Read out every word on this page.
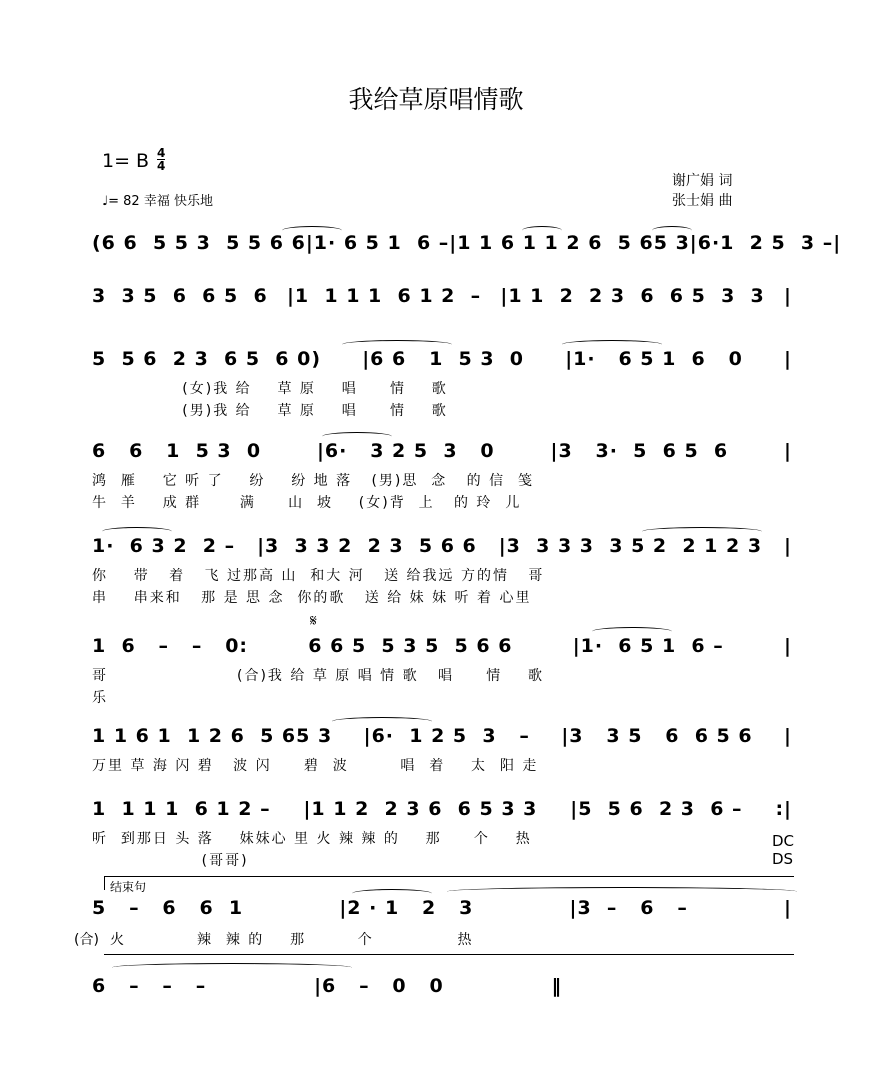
我给草原唱情歌
1= B 4
4
♩= 82 幸福 快乐地
谢广娟 词
张士娟 曲
(6 6  5 5 3  5 5 6 6 |1· 6 5 1  6 – |1 1 6 1 1 2 6  5 65 3 |6·1  2 5  3 – |
3  3 5  6  6 5  6 |1  1 1 1  6 1 2  – |1 1  2  2 3  6  6 5  3  3 |
5  5 6  2 3  6 5  6 0) |6 6   1  5 3  0 |1·   6 5 1  6   0 |
(女)我 给    草 原    唱     情    歌
(男)我 给    草 原    唱     情    歌
6   6   1  5 3  0	|6·   3 2 5  3   0	|3   3·  5  6 5  6	|
鸿  雁    它 听 了    纷    纷 地 落   (男)思  念   的 信  笺
牛  羊    成 群      满     山  坡    (女)背  上   的 玲  儿
1·  6 3 2  2 – |3  3 3 2  2 3  5 6 6 |3  3 3 3  3 5 2  2 1 2 3 |
你    带   着   飞 过那高 山  和大 河   送 给我远 方的情   哥
串    串来和   那 是 思 念  你的歌   送 给 妹 妹 听 着 心里
1  6   –   –   0:	6 6 5  5 3 5  5 6 6	|1·  6 5 1  6 –	|
𝄋
哥                    (合)我 给 草 原 唱 情 歌   唱     情    歌
乐
1 1 6 1  1 2 6  5 65 3 |6·  1 2 5  3   – |3   3 5   6  6 5 6 |
万里 草 海 闪 碧   波 闪     碧  波        唱  着    太  阳 走
1  1 1 1  6 1 2 – |1 1 2  2 3 6  6 5 3 3 |5  5 6  2 3  6 – :|
听  到那日 头 落    妹妹心 里 火 辣 辣 的    那     个    热
(哥哥)
DC
DS
结束句
5   –   6   6  1	|2 · 1   2   3	|3  –   6   –	|
(合) 火           辣  辣 的    那        个             热
6   –   –   –	|6   –   0   0	‖
